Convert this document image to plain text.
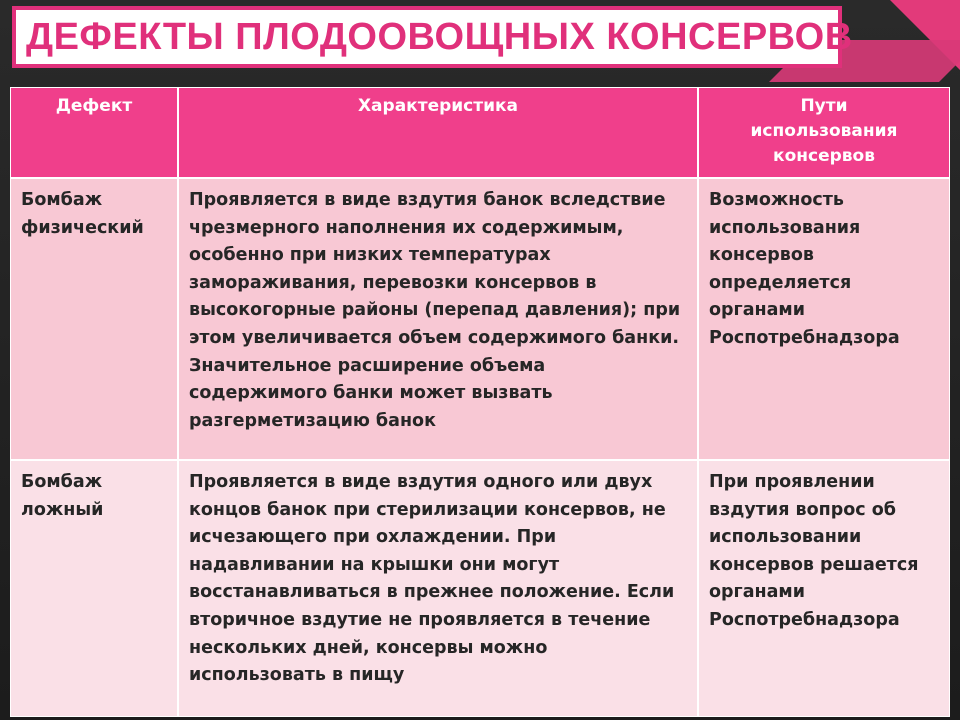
ДЕФЕКТЫ ПЛОДООВОЩНЫХ КОНСЕРВОВ
Дефект	Характеристика	Пути использования консервов
Бомбаж физический
Проявляется в виде вздутия банок вследствие чрезмерного наполнения их содержимым, особенно при низких температурах замораживания, перевозки консервов в высокогорные районы (перепад давления); при этом увеличивается объем содержимого банки. Значительное расширение объема содержимого банки может вызвать разгерметизацию банок
Возможность использования консервов определяется органами Роспотребнадзора
Бомбаж ложный
Проявляется в виде вздутия одного или двух концов банок при стерилизации консервов, не исчезающего при охлаждении. При надавливании на крышки они могут восстанавливаться в прежнее положение. Если вторичное вздутие не проявляется в течение нескольких дней, консервы можно использовать в пищу
При проявлении вздутия вопрос об использовании консервов решается органами Роспотребнадзора
